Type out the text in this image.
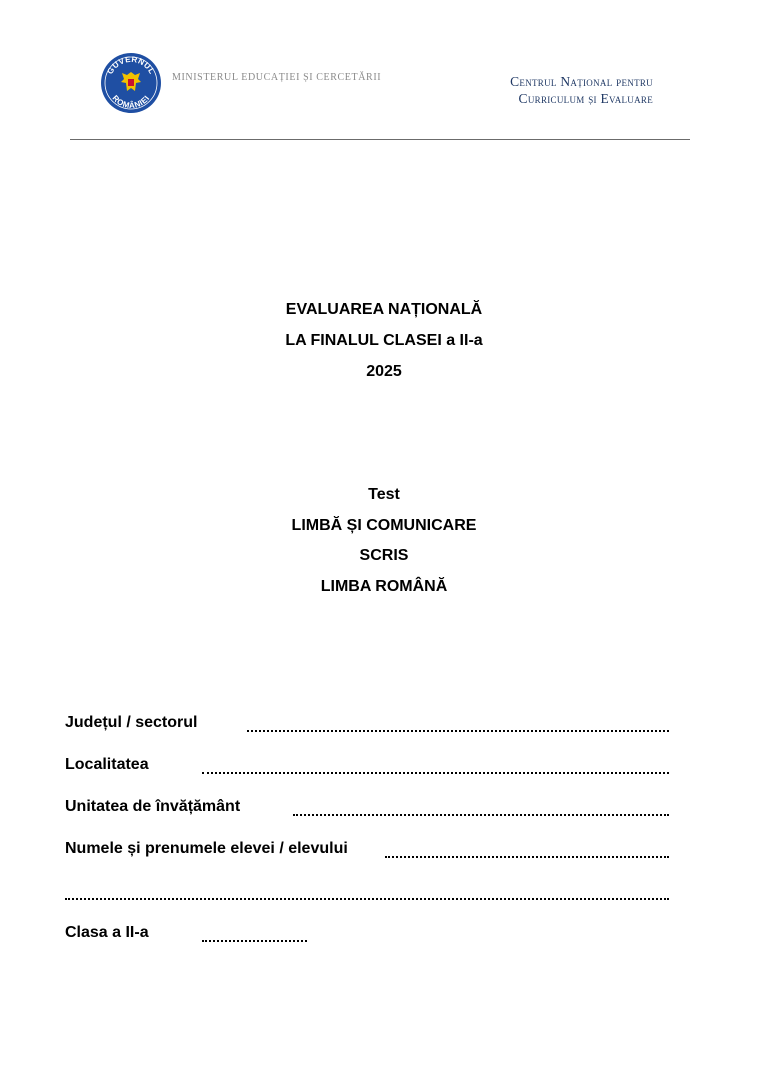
GUVERNUL
ROMÂNIEI
MINISTERUL EDUCAȚIEI ȘI CERCETĂRII	Centrul Național pentru
Curriculum și Evaluare
EVALUAREA NAȚIONALĂ
LA FINALUL CLASEI a II-a
2025
Test
LIMBĂ ȘI COMUNICARE
SCRIS
LIMBA ROMÂNĂ
Județul / sectorul
Localitatea
Unitatea de învățământ
Numele și prenumele elevei / elevului
Clasa a II-a
